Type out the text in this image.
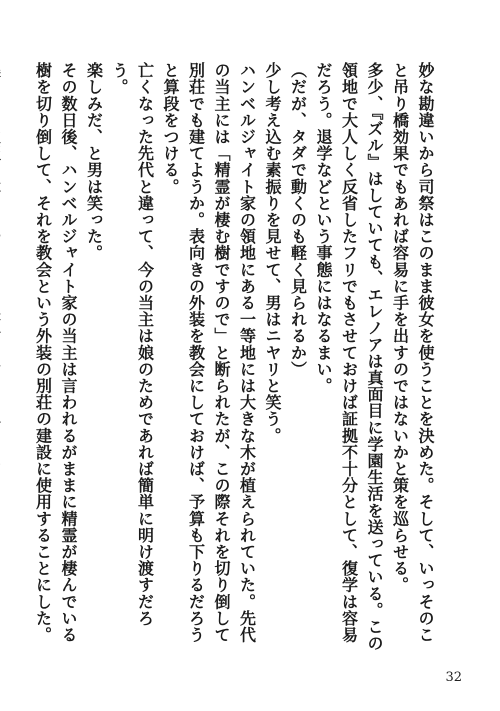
妙な勘違いから司祭はこのまま彼女を使うことを決めた。そして、いっそのこと吊り橋効果でもあれば容易に手を出すのではないかと策を巡らせる。

多少、『ズル』はしていても、エレノアは真面目に学園生活を送っている。この領地で大人しく反省したフリでもさせておけば証拠不十分として、復学は容易だろう。退学などという事態にはなるまい。

（だが、タダで動くのも軽く見られるか）

少し考え込む素振りを見せて、男はニヤリと笑う。

ハンベルジャイト家の領地にある一等地には大きな木が植えられていた。先代の当主には「精霊が棲む樹ですので」と断られたが、この際それを切り倒して別荘でも建てようか。表向きの外装を教会にしておけば、予算も下りるだろうと算段をつける。

亡くなった先代と違って、今の当主は娘のためであれば簡単に明け渡すだろう。

楽しみだ、と男は笑った。

その数日後、ハンベルジャイト家の当主は言われるがままに精霊が棲んでいる樹を切り倒して、それを教会という外装の別荘の建設に使用することにした。

32
